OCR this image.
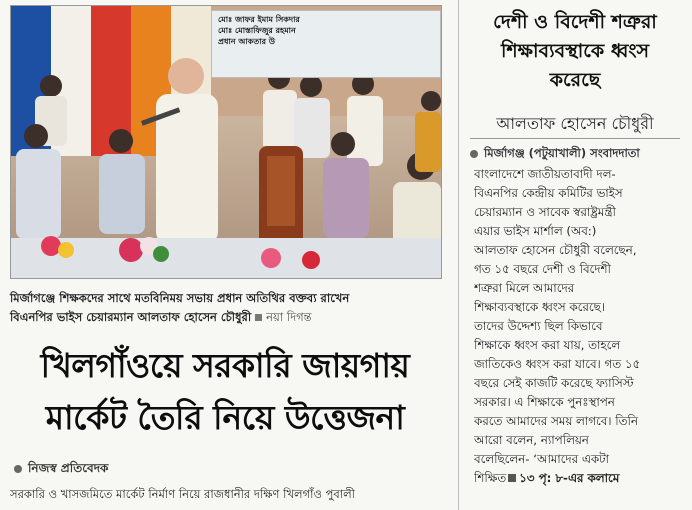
মোঃ জাফর ইমাম সিকদার
মোঃ মোস্তাফিজুর রহমান
প্রধান আকতার উ
মির্জাগঞ্জে শিক্ষকদের সাথে মতবিনিময় সভায় প্রধান অতিথির বক্তব্য রাখেন
বিএনপির ভাইস চেয়ারম্যান আলতাফ হোসেন চৌধুরী নয়া দিগন্ত
খিলগাঁওয়ে সরকারি জায়গায়
মার্কেট তৈরি নিয়ে উত্তেজনা
নিজস্ব প্রতিবেদক
সরকারি ও খাসজমিতে মার্কেট নির্মাণ নিয়ে রাজধানীর দক্ষিণ খিলগাঁও পুবালী
দেশী ও বিদেশী শত্রুরা
শিক্ষাব্যবস্থাকে ধ্বংস
করেছে
আলতাফ হোসেন চৌধুরী
মির্জাগঞ্জ (পটুয়াখালী) সংবাদদাতা
বাংলাদেশে জাতীয়তাবাদী দল-
বিএনপির কেন্দ্রীয় কমিটির ভাইস
চেয়ারম্যান ও সাবেক স্বরাষ্ট্রমন্ত্রী
এয়ার ভাইস মার্শাল (অব:)
আলতাফ হোসেন চৌধুরী বলেছেন,
গত ১৫ বছরে দেশী ও বিদেশী
শত্রুরা মিলে আমাদের
শিক্ষাব্যবস্থাকে ধ্বংস করেছে।
তাদের উদ্দেশ্য ছিল কিভাবে
শিক্ষাকে ধ্বংস করা যায়, তাহলে
জাতিকেও ধ্বংস করা যাবে। গত ১৫
বছরে সেই কাজটি করেছে ফ্যাসিস্ট
সরকার। এ শিক্ষাকে পুনঃস্থাপন
করতে আমাদের সময় লাগবে। তিনি
আরো বলেন, ন্যাপলিয়ন
বলেছিলেন- ‘আমাদের একটা
শিক্ষিত ১৩ পৃ: ৮-এর কলামে
